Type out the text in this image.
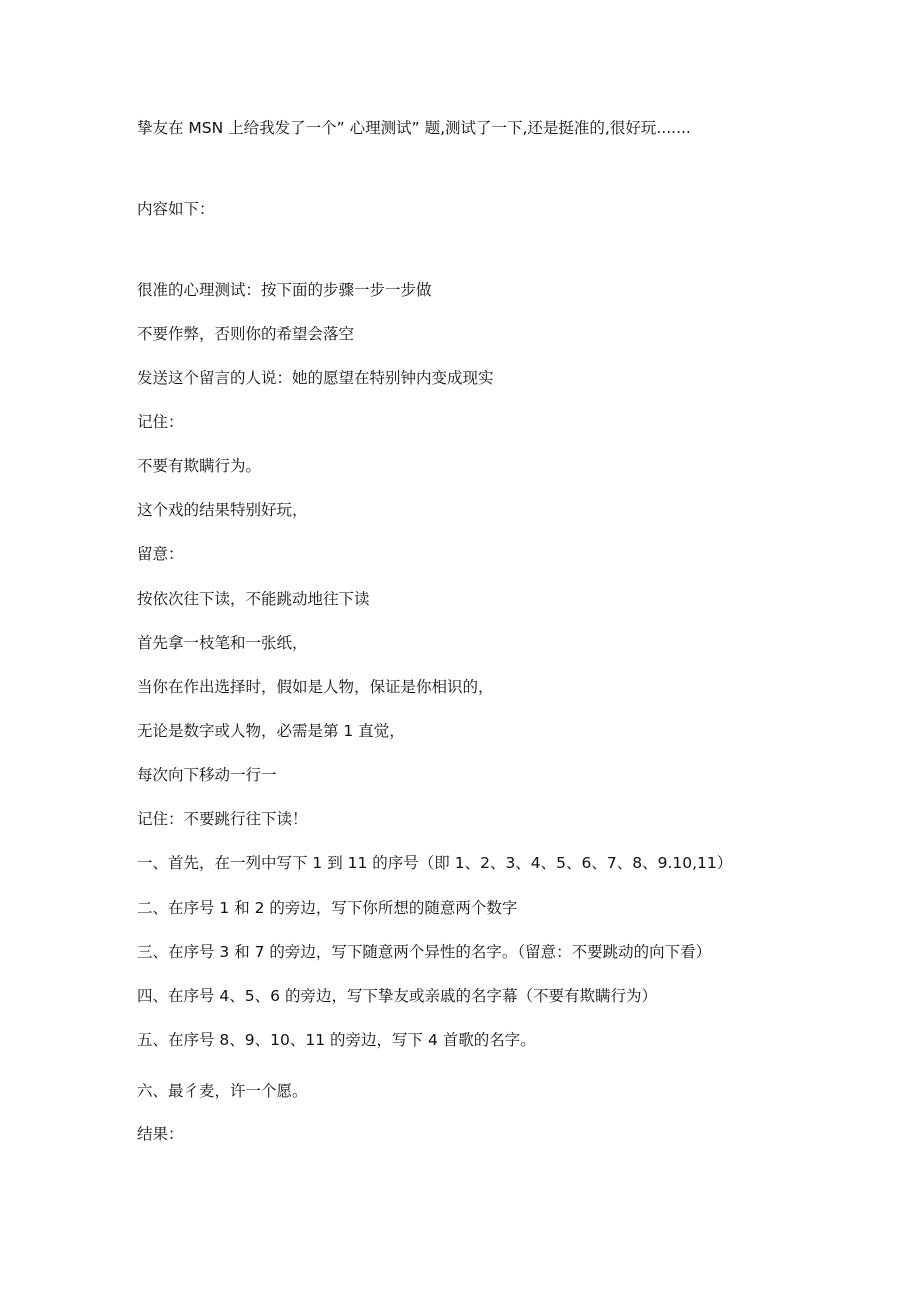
挚友在 MSN 上给我发了一个” 心理测试” 题,测试了一下,还是挺准的,很好玩.......
内容如下：
很准的心理测试：按下面的步骤一步一步做
不要作弊，否则你的希望会落空
发送这个留言的人说：她的愿望在特别钟内变成现实
记住：
不要有欺瞒行为。
这个戏的结果特别好玩，
留意：
按依次往下读，不能跳动地往下读
首先拿一枝笔和一张纸，
当你在作出选择时，假如是人物，保证是你相识的，
无论是数字或人物，必需是第 1 直觉，
每次向下移动一行一
记住：不要跳行往下读！
一、首先，在一列中写下 1 到 11 的序号（即 1、2、3、4、5、6、7、8、9.10,11）
二、在序号 1 和 2 的旁边，写下你所想的随意两个数字
三、在序号 3 和 7 的旁边，写下随意两个异性的名字。（留意：不要跳动的向下看）
四、在序号 4、5、6 的旁边，写下挚友或亲戚的名字幕（不要有欺瞒行为）
五、在序号 8、9、10、11 的旁边，写下 4 首歌的名字。
六、最彳麦，许一个愿。
结果：
